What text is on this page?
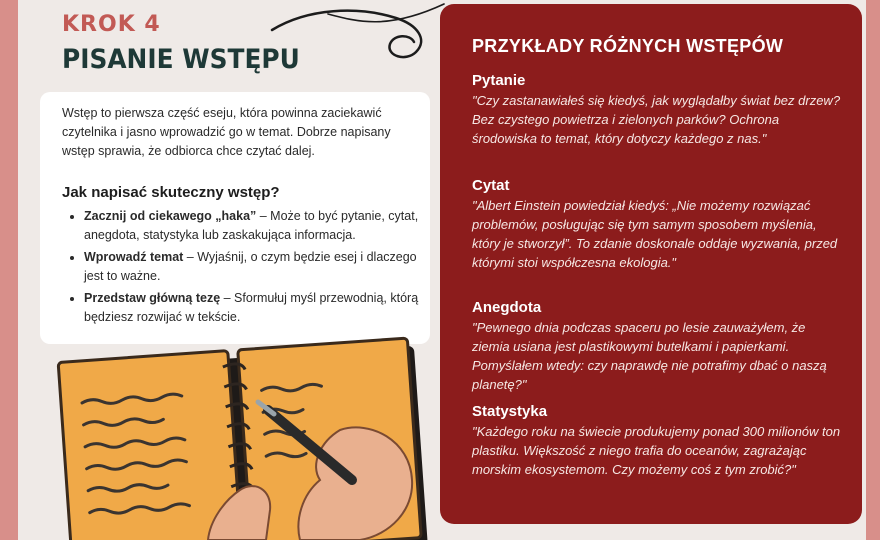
KROK 4
PISANIE WSTĘPU

Wstęp to pierwsza część eseju, która powinna zaciekawić czytelnika i jasno wprowadzić go w temat. Dobrze napisany wstęp sprawia, że odbiorca chce czytać dalej.

Jak napisać skuteczny wstęp?
• Zacznij od ciekawego „haka” – Może to być pytanie, cytat, anegdota, statystyka lub zaskakująca informacja.
• Wprowadź temat – Wyjaśnij, o czym będzie esej i dlaczego jest to ważne.
• Przedstaw główną tezę – Sformułuj myśl przewodnią, którą będziesz rozwijać w tekście.
PRZYKŁADY RÓŻNYCH WSTĘPÓW
Pytanie

"Czy zastanawiałeś się kiedyś, jak wyglądałby świat bez drzew? Bez czystego powietrza i zielonych parków? Ochrona środowiska to temat, który dotyczy każdego z nas."

Cytat

"Albert Einstein powiedział kiedyś: „Nie możemy rozwiązać problemów, posługując się tym samym sposobem myślenia, który je stworzył”. To zdanie doskonale oddaje wyzwania, przed którymi stoi współczesna ekologia."

Anegdota

"Pewnego dnia podczas spaceru po lesie zauważyłem, że ziemia usiana jest plastikowymi butelkami i papierkami. Pomyślałem wtedy: czy naprawdę nie potrafimy dbać o naszą planetę?"

Statystyka

"Każdego roku na świecie produkujemy ponad 300 milionów ton plastiku. Większość z niego trafia do oceanów, zagrażając morskim ekosystemom. Czy możemy coś z tym zrobić?"
